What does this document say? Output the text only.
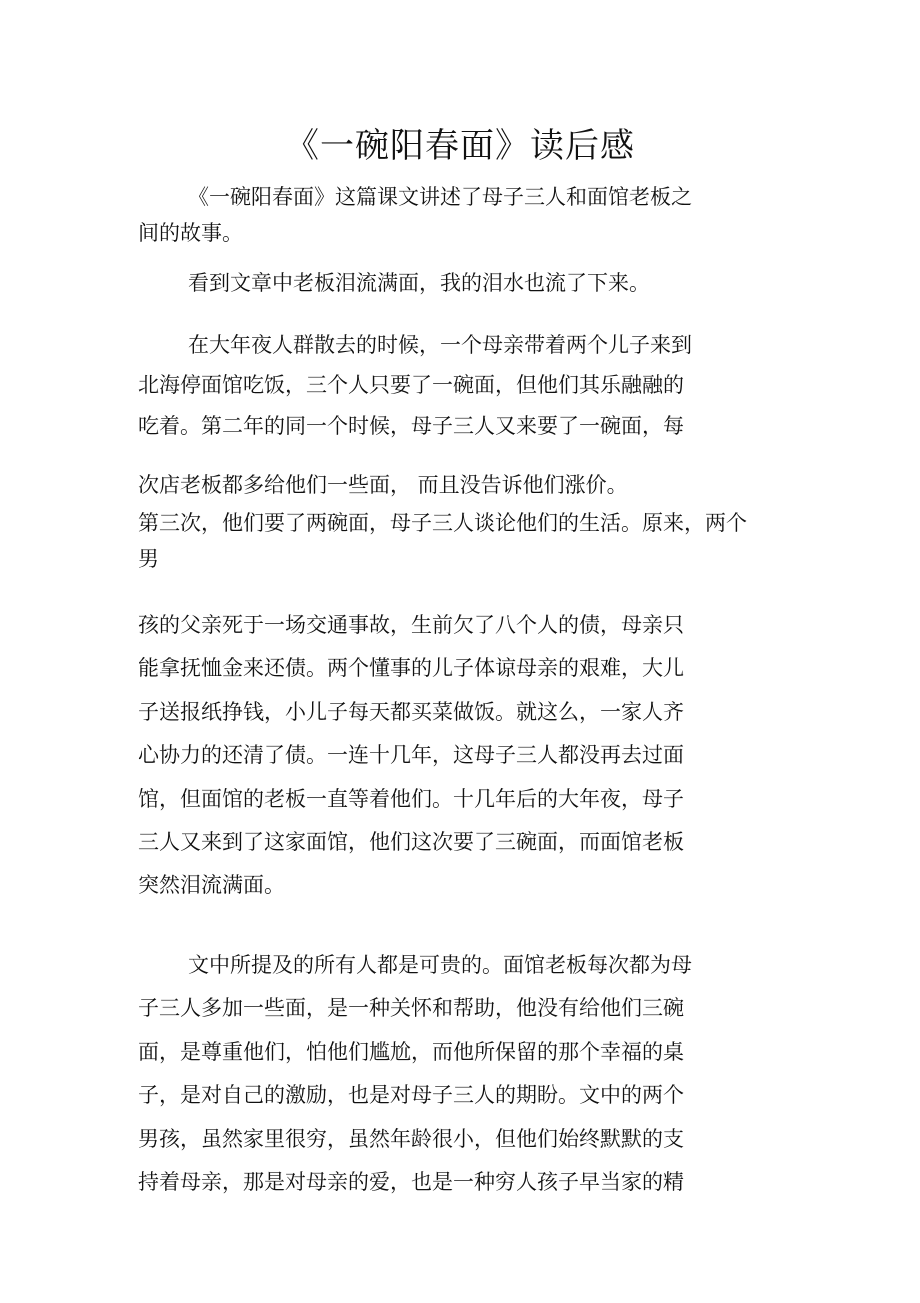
《一碗阳春面》读后感
《一碗阳春面》这篇课文讲述了母子三人和面馆老板之
间的故事。
看到文章中老板泪流满面，我的泪水也流了下来。
在大年夜人群散去的时候，一个母亲带着两个儿子来到
北海停面馆吃饭，三个人只要了一碗面，但他们其乐融融的
吃着。第二年的同一个时候，母子三人又来要了一碗面，每
次店老板都多给他们一些面， 而且没告诉他们涨价。
第三次，他们要了两碗面，母子三人谈论他们的生活。原来，两个
男
孩的父亲死于一场交通事故，生前欠了八个人的债，母亲只
能拿抚恤金来还债。两个懂事的儿子体谅母亲的艰难，大儿
子送报纸挣钱，小儿子每天都买菜做饭。就这么，一家人齐
心协力的还清了债。一连十几年，这母子三人都没再去过面
馆，但面馆的老板一直等着他们。十几年后的大年夜，母子
三人又来到了这家面馆，他们这次要了三碗面，而面馆老板
突然泪流满面。
文中所提及的所有人都是可贵的。面馆老板每次都为母
子三人多加一些面，是一种关怀和帮助，他没有给他们三碗
面，是尊重他们，怕他们尴尬，而他所保留的那个幸福的桌
子，是对自己的激励，也是对母子三人的期盼。文中的两个
男孩，虽然家里很穷，虽然年龄很小，但他们始终默默的支
持着母亲，那是对母亲的爱，也是一种穷人孩子早当家的精
